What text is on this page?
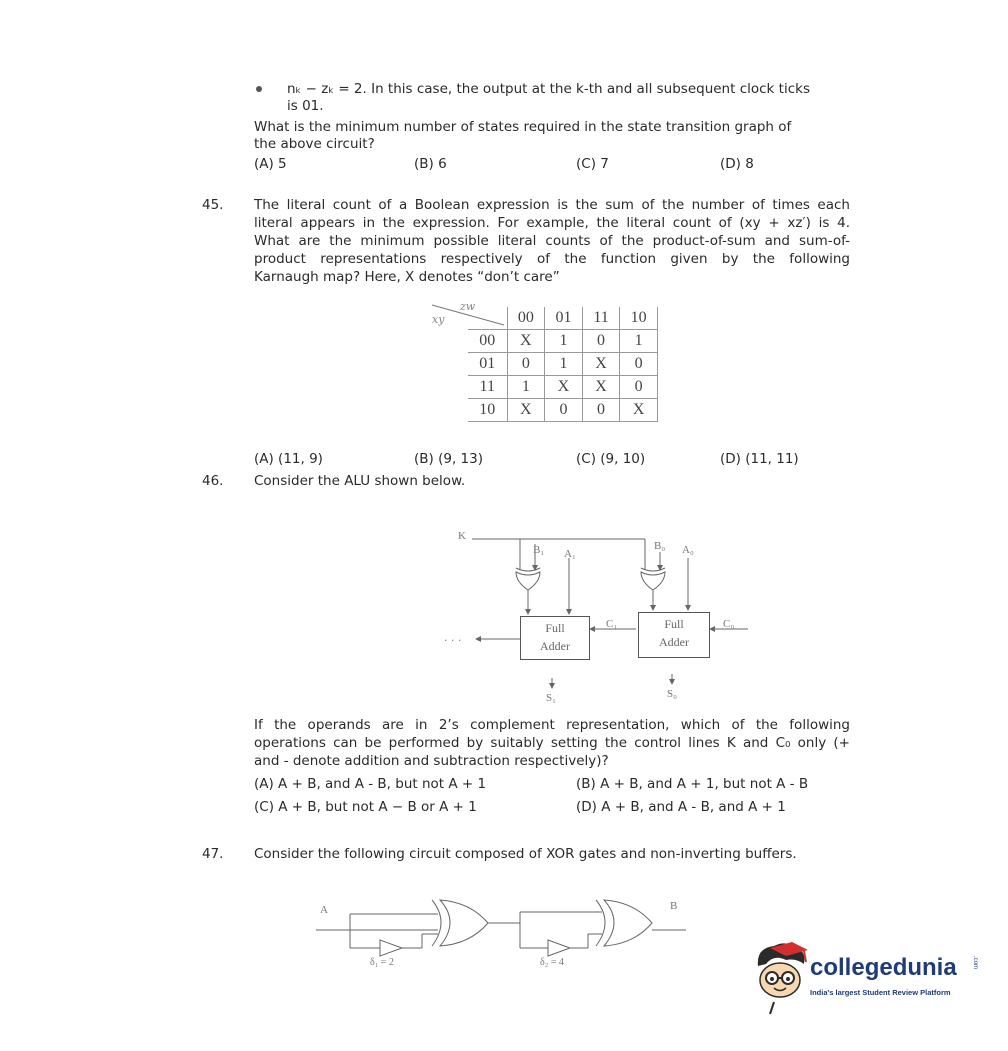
nₖ − zₖ = 2. In this case, the output at the k-th and all subsequent clock ticks
is 01.
What is the minimum number of states required in the state transition graph of
the above circuit?
(A) 5	(B) 6	(C) 7	(D) 8
45. The literal count of a Boolean expression is the sum of the number of times each
literal appears in the expression. For example, the literal count of (xy + xz′) is 4.
What are the minimum possible literal counts of the product-of-sum and sum-of-
product representations respectively of the function given by the following
Karnaugh map? Here, X denotes “don’t care”
zw
xy
		00	01	11	10
00	X	1	0	1
01	0	1	X	0
11	1	X	X	0
10	X	0	0	X
(A) (11, 9)	(B) (9, 13)	(C) (9, 10)	(D) (11, 11)
46. Consider the ALU shown below.
K
B₁ A₁
B₀ A₀
Full
Adder
Full
Adder
C₁	C₀
S₁	S₀
· · ·
If the operands are in 2’s complement representation, which of the following
operations can be performed by suitably setting the control lines K and C₀ only (+
and - denote addition and subtraction respectively)?
(A) A + B, and A - B, but not A + 1	(B) A + B, and A + 1, but not A - B
(C) A + B, but not A − B or A + 1	(D) A + B, and A - B, and A + 1
47. Consider the following circuit composed of XOR gates and non-inverting buffers.
A	B
δ₁ = 2	δ₂ = 4	collegedunia	.com
India's largest Student Review Platform
